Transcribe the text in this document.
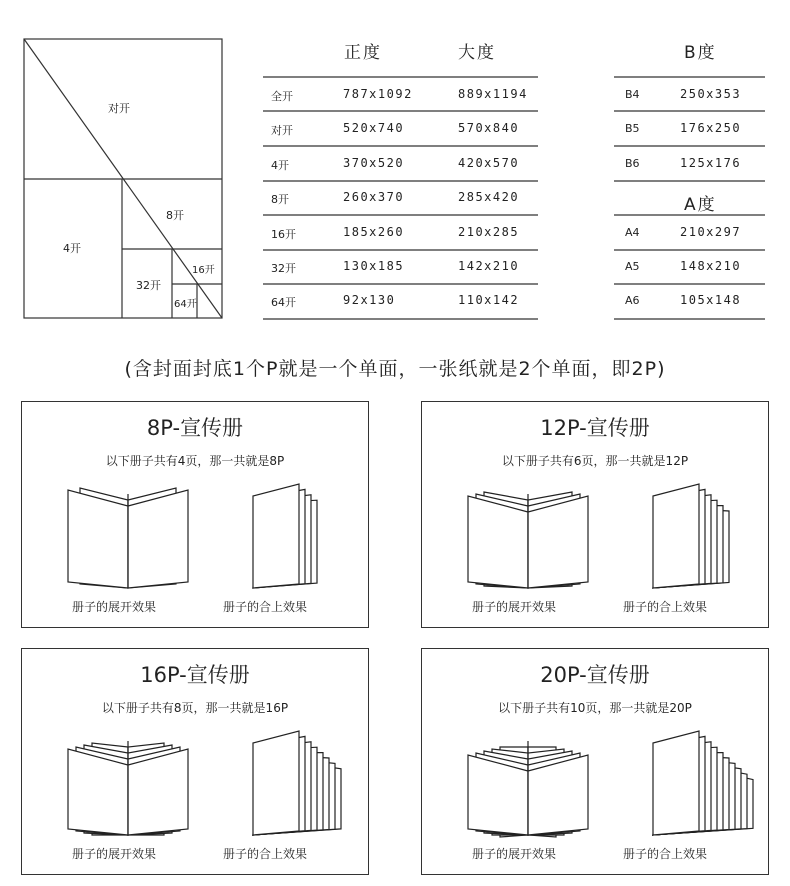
对开
4开
8开
32开
16开
64开
正度	大度
全开	787x1092	889x1194
对开	520x740	570x840
4开	370x520	420x570
8开	260x370	285x420
16开	185x260	210x285
32开	130x185	142x210
64开	92x130	110x142
B度
A度
B4	250x353
B5	176x250
B6	125x176
A4	210x297
A5	148x210
A6	105x148
(含封面封底1个P就是一个单面，一张纸就是2个单面，即2P)
8P-宣传册
以下册子共有4页，那一共就是8P
册子的展开效果	册子的合上效果
12P-宣传册
以下册子共有6页，那一共就是12P
册子的展开效果	册子的合上效果
16P-宣传册
以下册子共有8页，那一共就是16P
册子的展开效果	册子的合上效果
20P-宣传册
以下册子共有10页，那一共就是20P
册子的展开效果	册子的合上效果
